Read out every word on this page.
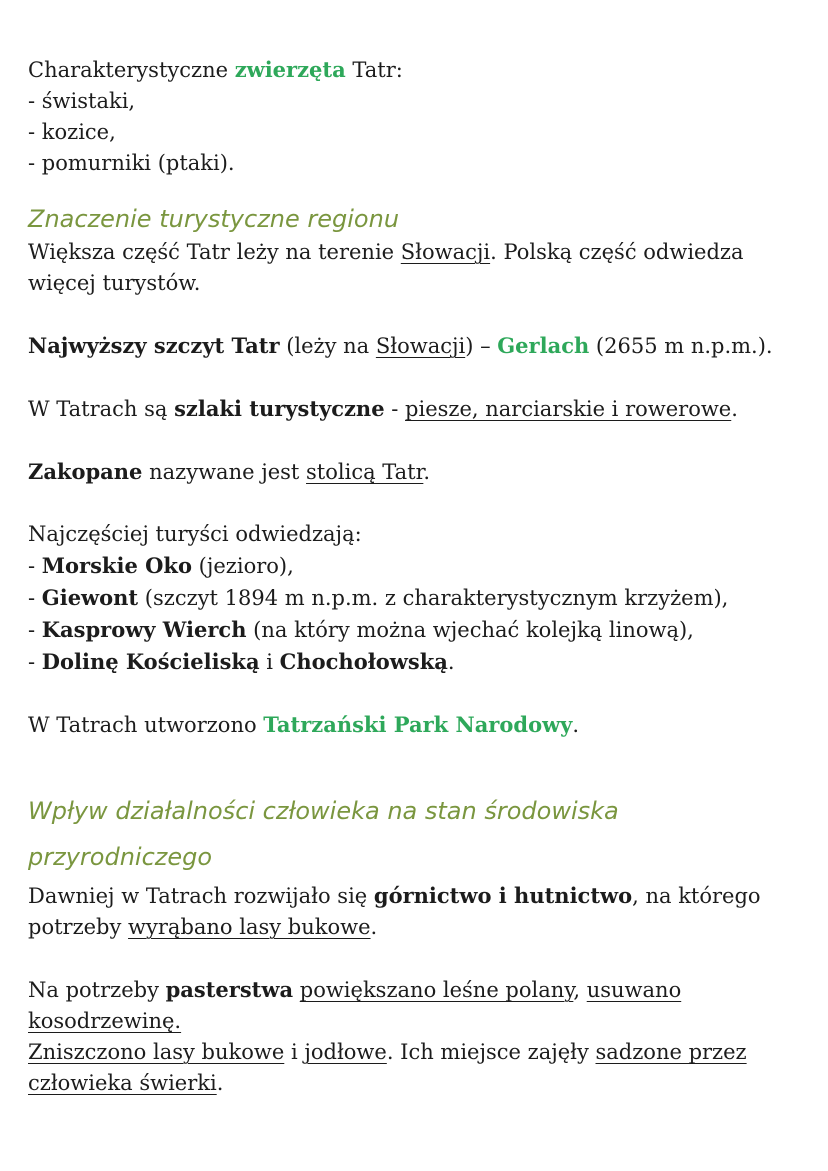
Charakterystyczne zwierzęta Tatr:
- świstaki,
- kozice,
- pomurniki (ptaki).
Znaczenie turystyczne regionu
Większa część Tatr leży na terenie Słowacji. Polską część odwiedza
więcej turystów.
Najwyższy szczyt Tatr (leży na Słowacji) – Gerlach (2655 m n.p.m.).
W Tatrach są szlaki turystyczne - piesze, narciarskie i rowerowe.
Zakopane nazywane jest stolicą Tatr.
Najczęściej turyści odwiedzają:
- Morskie Oko (jezioro),
- Giewont (szczyt 1894 m n.p.m. z charakterystycznym krzyżem),
- Kasprowy Wierch (na który można wjechać kolejką linową),
- Dolinę Kościeliską i Chochołowską.
W Tatrach utworzono Tatrzański Park Narodowy.
Wpływ działalności człowieka na stan środowiska
przyrodniczego
Dawniej w Tatrach rozwijało się górnictwo i hutnictwo, na którego
potrzeby wyrąbano lasy bukowe.
Na potrzeby pasterstwa powiększano leśne polany, usuwano
kosodrzewinę.
Zniszczono lasy bukowe i jodłowe. Ich miejsce zajęły sadzone przez
człowieka świerki.
